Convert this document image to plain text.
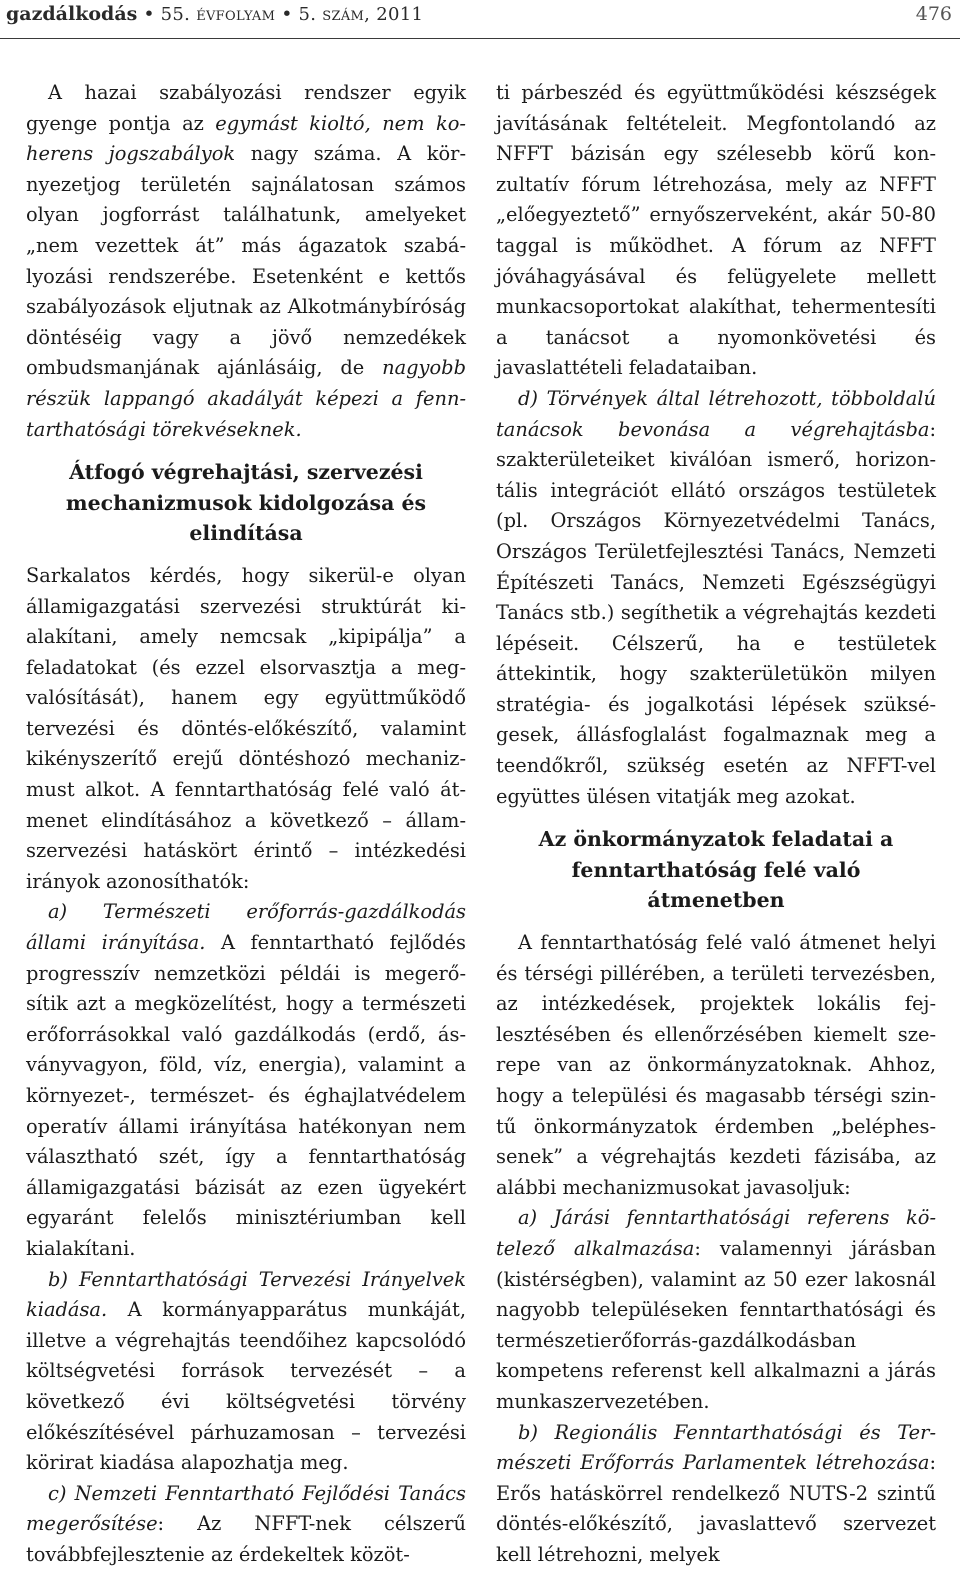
gazdálkodás • 55. évfolyam • 5. szám, 2011	476

A hazai szabályozási rendszer egyik gyenge pontja az egymást kioltó, nem koherens jogszabályok nagy száma. A környezetjog területén sajnálatosan számos olyan jogforrást találhatunk, amelyeket „nem vezettek át” más ágazatok szabályozási rendszerébe. Esetenként e kettős szabályozások eljutnak az Alkotmánybíróság döntéséig vagy a jövő nemzedékek ombudsmanjának ajánlásáig, de nagyobb részük lappangó akadályát képezi a fenntarthatósági törekvéseknek.

Átfogó végrehajtási, szervezési mechanizmusok kidolgozása és elindítása

Sarkalatos kérdés, hogy sikerül-e olyan államigazgatási szervezési struktúrát kialakítani, amely nemcsak „kipipálja” a feladatokat (és ezzel elsorvasztja a megvalósítását), hanem egy együttműködő tervezési és döntés-előkészítő, valamint kikényszerítő erejű döntéshozó mechanizmust alkot. A fenntarthatóság felé való átmenet elindításához a következő – államszervezési hatáskört érintő – intézkedési irányok azonosíthatók:

a) Természeti erőforrás-gazdálkodás állami irányítása. A fenntartható fejlődés progresszív nemzetközi példái is megerősítik azt a megközelítést, hogy a természeti erőforrásokkal való gazdálkodás (erdő, ásványvagyon, föld, víz, energia), valamint a környezet-, természet- és éghajlatvédelem operatív állami irányítása hatékonyan nem választható szét, így a fenntarthatóság államigazgatási bázisát az ezen ügyekért egyaránt felelős minisztériumban kell kialakítani.

b) Fenntarthatósági Tervezési Irányelvek kiadása. A kormányapparátus munkáját, illetve a végrehajtás teendőihez kapcsolódó költségvetési források tervezését – a következő évi költségvetési törvény előkészítésével párhuzamosan – tervezési körirat kiadása alapozhatja meg.

c) Nemzeti Fenntartható Fejlődési Tanács megerősítése: Az NFFT-nek célszerű továbbfejlesztenie az érdekeltek közöt-

ti párbeszéd és együttműködési készségek javításának feltételeit. Megfontolandó az NFFT bázisán egy szélesebb körű konzultatív fórum létrehozása, mely az NFFT „előegyeztető” ernyőszerveként, akár 50-80 taggal is működhet. A fórum az NFFT jóváhagyásával és felügyelete mellett munkacsoportokat alakíthat, tehermentesíti a tanácsot a nyomonkövetési és javaslattételi feladataiban.

d) Törvények által létrehozott, többoldalú tanácsok bevonása a végrehajtásba: szakterületeiket kiválóan ismerő, horizontális integrációt ellátó országos testületek (pl. Országos Környezetvédelmi Tanács, Országos Területfejlesztési Tanács, Nemzeti Építészeti Tanács, Nemzeti Egészségügyi Tanács stb.) segíthetik a végrehajtás kezdeti lépéseit. Célszerű, ha e testületek áttekintik, hogy szakterületükön milyen stratégia- és jogalkotási lépések szükségesek, állásfoglalást fogalmaznak meg a teendőkről, szükség esetén az NFFT-vel együttes ülésen vitatják meg azokat.

Az önkormányzatok feladatai a fenntarthatóság felé való átmenetben

A fenntarthatóság felé való átmenet helyi és térségi pillérében, a területi tervezésben, az intézkedések, projektek lokális fejlesztésében és ellenőrzésében kiemelt szerepe van az önkormányzatoknak. Ahhoz, hogy a települési és magasabb térségi szintű önkormányzatok érdemben „beléphessenek” a végrehajtás kezdeti fázisába, az alábbi mechanizmusokat javasoljuk:

a) Járási fenntarthatósági referens kötelező alkalmazása: valamennyi járásban (kistérségben), valamint az 50 ezer lakosnál nagyobb településeken fenntarthatósági és természetierőforrás-gazdálkodásban kompetens referenst kell alkalmazni a járás munkaszervezetében.

b) Regionális Fenntarthatósági és Természeti Erőforrás Parlamentek létrehozása: Erős hatáskörrel rendelkező NUTS-2 szintű döntés-előkészítő, javaslattevő szervezet kell létrehozni, melyek
